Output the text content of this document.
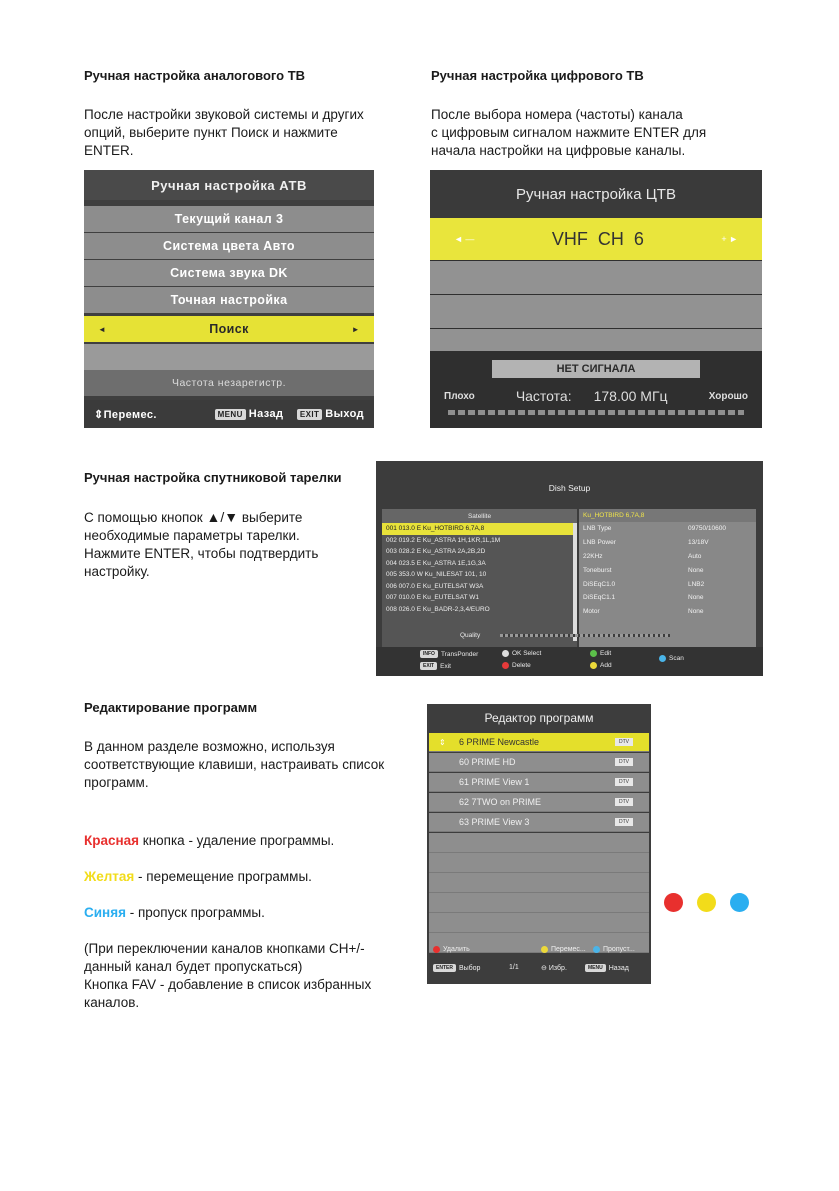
Ручная настройка аналогового ТВ
После настройки звуковой системы и других
опций, выберите пункт Поиск и нажмите
ENTER.
Ручная настройка АТВ
Текущий канал 3
Система цвета Авто
Система звука DK
Точная настройка
◄	Поиск	►
Частота незарегистр.
⇕Перемес.	MENU Назад EXIT Выход
Ручная настройка цифрового ТВ
После выбора номера (частоты) канала
с цифровым сигналом нажмите ENTER для
начала настройки на цифровые каналы.
Ручная настройка ЦТВ
◄ —	VHF  CH  6	+ ►
НЕТ СИГНАЛА
Плохо	Частота: 178.00 МГц	Хорошо
Ручная настройка спутниковой тарелки
С помощью кнопок ▲/▼ выберите
необходимые параметры тарелки.
Нажмите ENTER, чтобы подтвердить
настройку.
Dish Setup
Satellite
001 013.0 E Ku_HOTBIRD 6,7A,8
002 019.2 E Ku_ASTRA 1H,1KR,1L,1M
003 028.2 E Ku_ASTRA 2A,2B,2D
004 023.5 E Ku_ASTRA 1E,1G,3A
005 353.0 W Ku_NILESAT 101, 10
006 007.0 E Ku_EUTELSAT W3A
007 010.0 E Ku_EUTELSAT W1
008 026.0 E Ku_BADR-2,3,4/EURO
Ku_HOTBIRD 6,7A,8
LNB Type	09750/10600
LNB Power	13/18V
22KHz	Auto
Toneburst	None
DiSEqC1.0	LNB2
DiSEqC1.1	None
Motor	None
Quality
INFO TransPonder	OK Select	Edit
Scan
EXIT Exit	Delete	Add
Редактирование программ
В данном разделе возможно, используя
соответствующие клавиши, настраивать список
программ.

Красная кнопка - удаление программы.

Желтая - перемещение программы.

Синяя - пропуск программы.

(При переключении каналов кнопками CH+/-
данный канал будет пропускаться)
Кнопка FAV - добавление в список избранных
каналов.

Редактор программ
⇕ 6 PRIME Newcastle	DTV
60 PRIME HD	DTV
61 PRIME View 1	DTV
62 7TWO on PRIME	DTV
63 PRIME View 3	DTV
Удалить	Перемес... Пропуст...
ENTER Выбор	1/1	⊖ Избр.	MENU Назад
